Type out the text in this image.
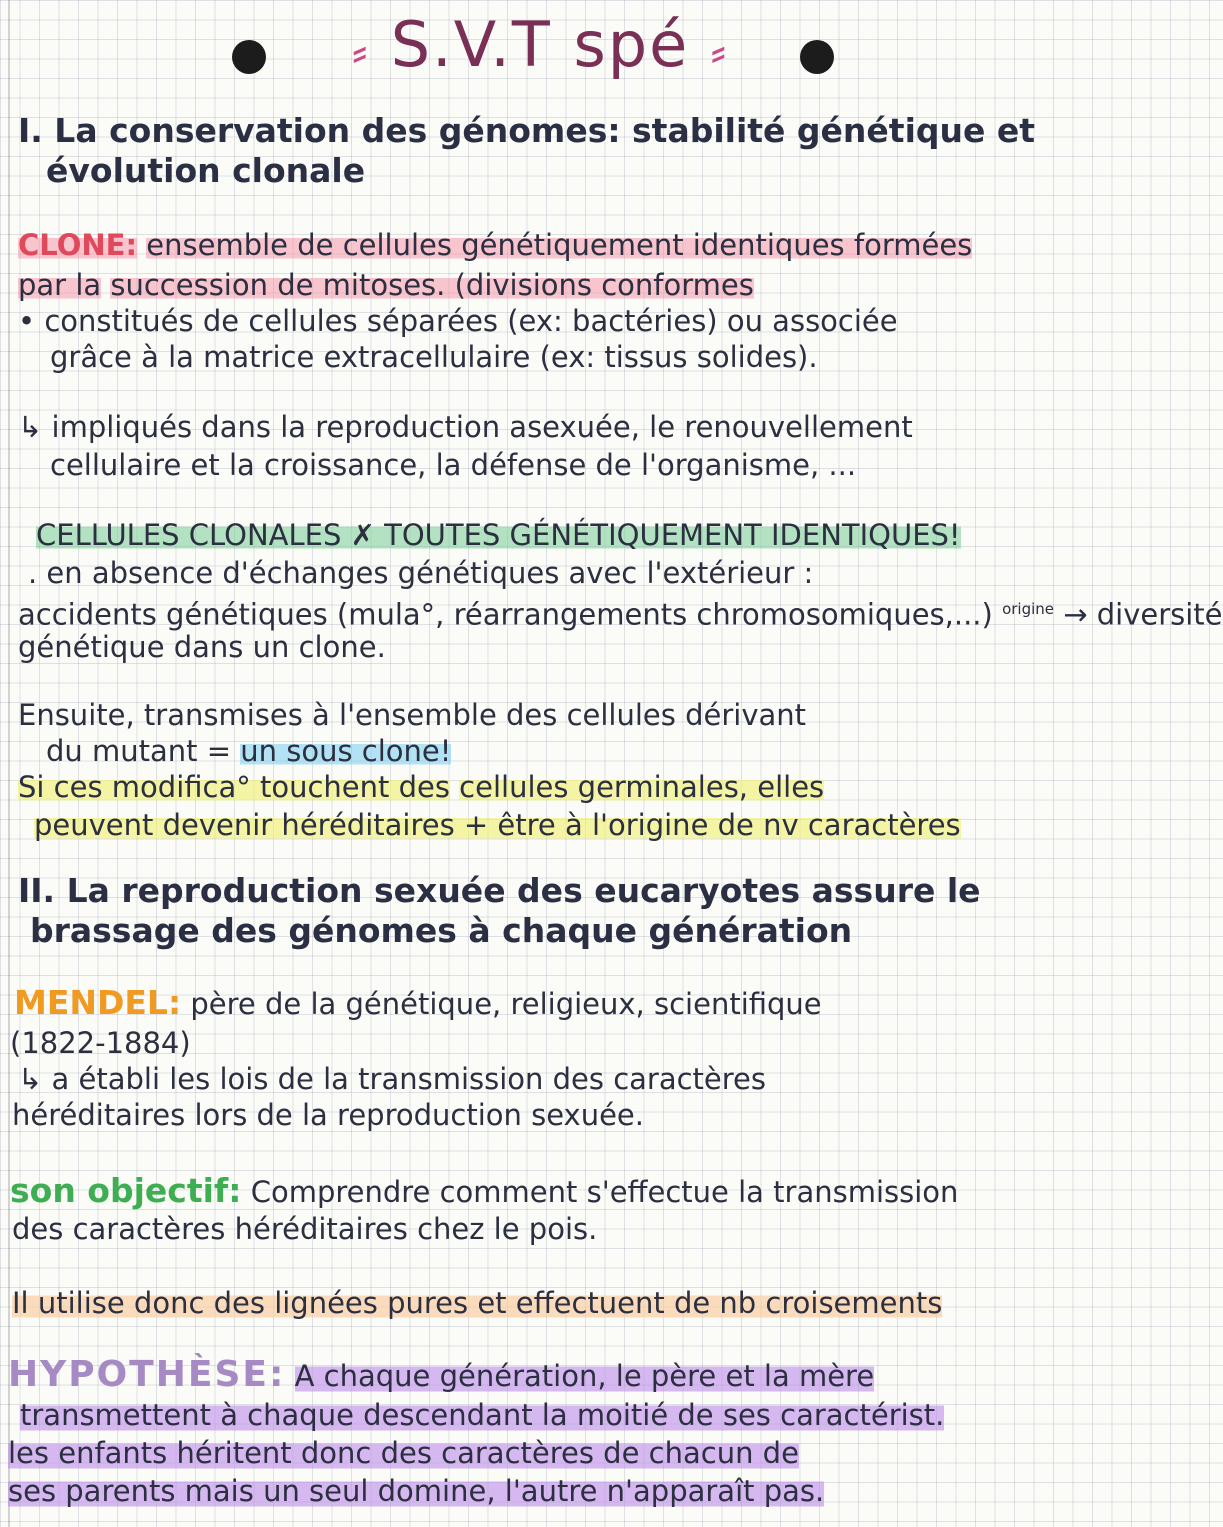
⸗ S.V.T spé ⸗
I. La conservation des génomes: stabilité génétique et
évolution clonale
CLONE: ensemble de cellules génétiquement identiques formées
par la succession de mitoses. (divisions conformes
• constitués de cellules séparées (ex: bactéries) ou associée
grâce à la matrice extracellulaire (ex: tissus solides).
↳ impliqués dans la reproduction asexuée, le renouvellement
cellulaire et la croissance, la défense de l'organisme, ...
CELLULES CLONALES ✗ TOUTES GÉNÉTIQUEMENT IDENTIQUES!
. en absence d'échanges génétiques avec l'extérieur :
accidents génétiques (mula°, réarrangements chromosomiques,...) $^{origine}$ → diversité
génétique dans un clone.
Ensuite, transmises à l'ensemble des cellules dérivant
du mutant = un sous clone!
Si ces modifica° touchent des cellules germinales, elles
peuvent devenir héréditaires + être à l'origine de nv caractères
II. La reproduction sexuée des eucaryotes assure le
brassage des génomes à chaque génération
MENDEL: père de la génétique, religieux, scientifique
(1822-1884)
↳ a établi les lois de la transmission des caractères
héréditaires lors de la reproduction sexuée.
son objectif: Comprendre comment s'effectue la transmission
des caractères héréditaires chez le pois.
Il utilise donc des lignées pures et effectuent de nb croisements
HYPOTHÈSE: A chaque génération, le père et la mère
transmettent à chaque descendant la moitié de ses caractérist.
les enfants héritent donc des caractères de chacun de
ses parents mais un seul domine, l'autre n'apparaît pas.
